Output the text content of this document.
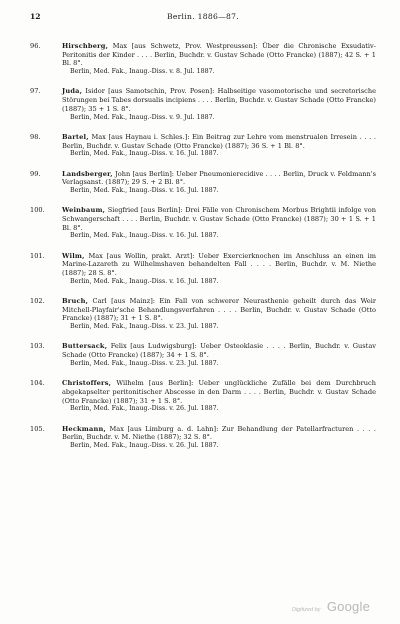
12	Berlin. 1886—87.
96.	Hirschberg, Max [aus Schwetz, Prov. Westpreussen]: Über die Chronische Exsudativ-Peritonitis der Kinder . . . . Berlin, Buchdr. v. Gustav Schade (Otto Francke) (1887); 42 S. + 1 Bl. 8°.
Berlin, Med. Fak., Inaug.-Diss. v. 8. Jul. 1887.
97.	Juda, Isidor [aus Samotschin, Prov. Posen]: Halbseitige vasomotorische und secretorische Störungen bei Tabes dorsualis incipiens . . . . Berlin, Buchdr. v. Gustav Schade (Otto Francke) (1887); 35 + 1 S. 8°.
Berlin, Med. Fak., Inaug.-Diss. v. 9. Jul. 1887.
98.	Bartel, Max [aus Haynau i. Schles.]: Ein Beitrag zur Lehre vom menstrualen Irresein . . . . Berlin, Buchdr. v. Gustav Schade (Otto Francke) (1887); 36 S. + 1 Bl. 8°.
Berlin, Med. Fak., Inaug.-Diss. v. 16. Jul. 1887.
99.	Landsberger, John [aus Berlin]: Ueber Pneumonierecidive . . . . Berlin, Druck v. Feldmann's Verlagsanst. (1887); 29 S. + 2 Bl. 8°.
Berlin, Med. Fak., Inaug.-Diss. v. 16. Jul. 1887.
100.	Weinbaum, Siegfried [aus Berlin]: Drei Fälle von Chronischem Morbus Brightii infolge von Schwangerschaft . . . . Berlin, Buchdr. v. Gustav Schade (Otto Francke) (1887); 30 + 1 S. + 1 Bl. 8°.
Berlin, Med. Fak., Inaug.-Diss. v. 16. Jul. 1887.
101.	Wilm, Max [aus Wollin, prakt. Arzt]: Ueber Exercierknochen im Anschluss an einen im Marine-Lazareth zu Wilhelmshaven behandelten Fall . . . . Berlin, Buchdr. v. M. Niethe (1887); 28 S. 8°.
Berlin, Med. Fak., Inaug.-Diss. v. 16. Jul. 1887.
102.	Bruch, Carl [aus Mainz]: Ein Fall von schwerer Neurasthenie geheilt durch das Weir Mitchell-Playfair'sche Behandlungsverfahren . . . . Berlin, Buchdr. v. Gustav Schade (Otto Francke) (1887); 31 + 1 S. 8°.
Berlin, Med. Fak., Inaug.-Diss. v. 23. Jul. 1887.
103.	Buttersack, Felix [aus Ludwigsburg]: Ueber Osteoklasie . . . . Berlin, Buchdr. v. Gustav Schade (Otto Francke) (1887); 34 + 1 S. 8°.
Berlin, Med. Fak., Inaug.-Diss. v. 23. Jul. 1887.
104.	Christoffers, Wilhelm [aus Berlin]: Ueber unglückliche Zufälle bei dem Durchbruch abgekapselter peritonitischer Abscesse in den Darm . . . . Berlin, Buchdr. v. Gustav Schade (Otto Francke) (1887); 31 + 1 S. 8°.
Berlin, Med. Fak., Inaug.-Diss. v. 26. Jul. 1887.
105.	Heckmann, Max [aus Limburg a. d. Lahn]: Zur Behandlung der Patellarfracturen . . . . Berlin, Buchdr. v. M. Niethe (1887); 32 S. 8°.
Berlin, Med. Fak., Inaug.-Diss. v. 26. Jul. 1887.
Digitized by Google
